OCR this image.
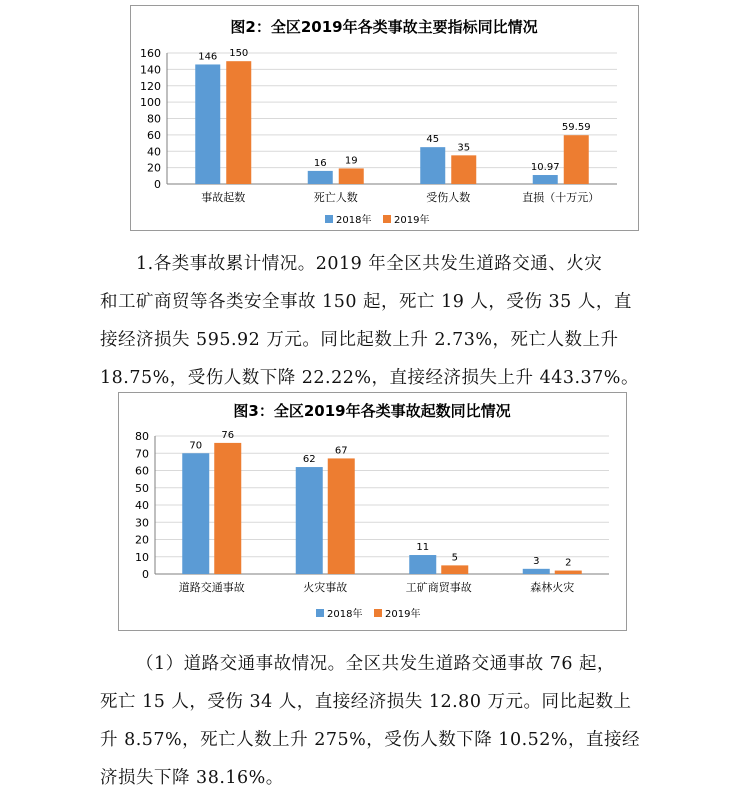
图2：全区2019年各类事故主要指标同比情况
0
20
40
60
80
100
120
140
160	146 150
事故起数
16 19
死亡人数
45
35
受伤人数
10.97
59.59
直损（十万元）
2018年 2019年

1.各类事故累计情况。2019 年全区共发生道路交通、火灾
和工矿商贸等各类安全事故 150 起，死亡 19 人，受伤 35 人，直
接经济损失 595.92 万元。同比起数上升 2.73%，死亡人数上升
18.75%，受伤人数下降 22.22%，直接经济损失上升 443.37%。

图3：全区2019年各类事故起数同比情况
0
10
20
30
40
50
60
70
80
70
76
道路交通事故
62
67
火灾事故
11
5
工矿商贸事故
3	2
森林火灾
2018年 2019年

（1）道路交通事故情况。全区共发生道路交通事故 76 起，
死亡 15 人，受伤 34 人，直接经济损失 12.80 万元。同比起数上
升 8.57%，死亡人数上升 275%，受伤人数下降 10.52%，直接经
济损失下降 38.16%。
